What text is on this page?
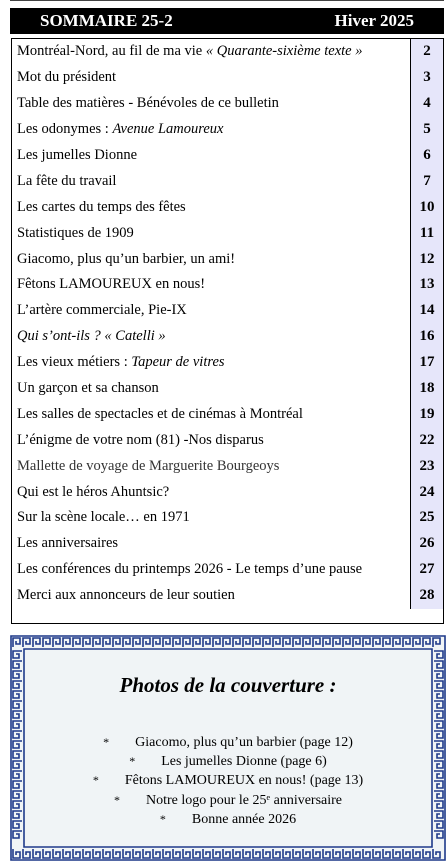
SOMMAIRE 25-2	Hiver 2025
Montréal-Nord, au fil de ma vie « Quarante-sixième texte »	2
Mot du président	3
Table des matières - Bénévoles de ce bulletin	4
Les odonymes : Avenue Lamoureux	5
Les jumelles Dionne	6
La fête du travail	7
Les cartes du temps des fêtes	10
Statistiques de 1909	11
Giacomo, plus qu’un barbier, un ami!	12
Fêtons LAMOUREUX en nous!	13
L’artère commerciale, Pie-IX	14
Qui s’ont-ils ? « Catelli »	16
Les vieux métiers : Tapeur de vitres	17
Un garçon et sa chanson	18
Les salles de spectacles et de cinémas à Montréal	19
L’énigme de votre nom (81) -Nos disparus	22
Mallette de voyage de Marguerite Bourgeoys	23
Qui est le héros Ahuntsic?	24
Sur la scène locale… en 1971	25
Les anniversaires	26
Les conférences du printemps 2026 - Le temps d’une pause	27
Merci aux annonceurs de leur soutien	28
Photos de la couverture :
* Giacomo, plus qu’un barbier (page 12)
* Les jumelles Dionne (page 6)
* Fêtons LAMOUREUX en nous! (page 13)
* Notre logo pour le 25ᵉ anniversaire
* Bonne année 2026
